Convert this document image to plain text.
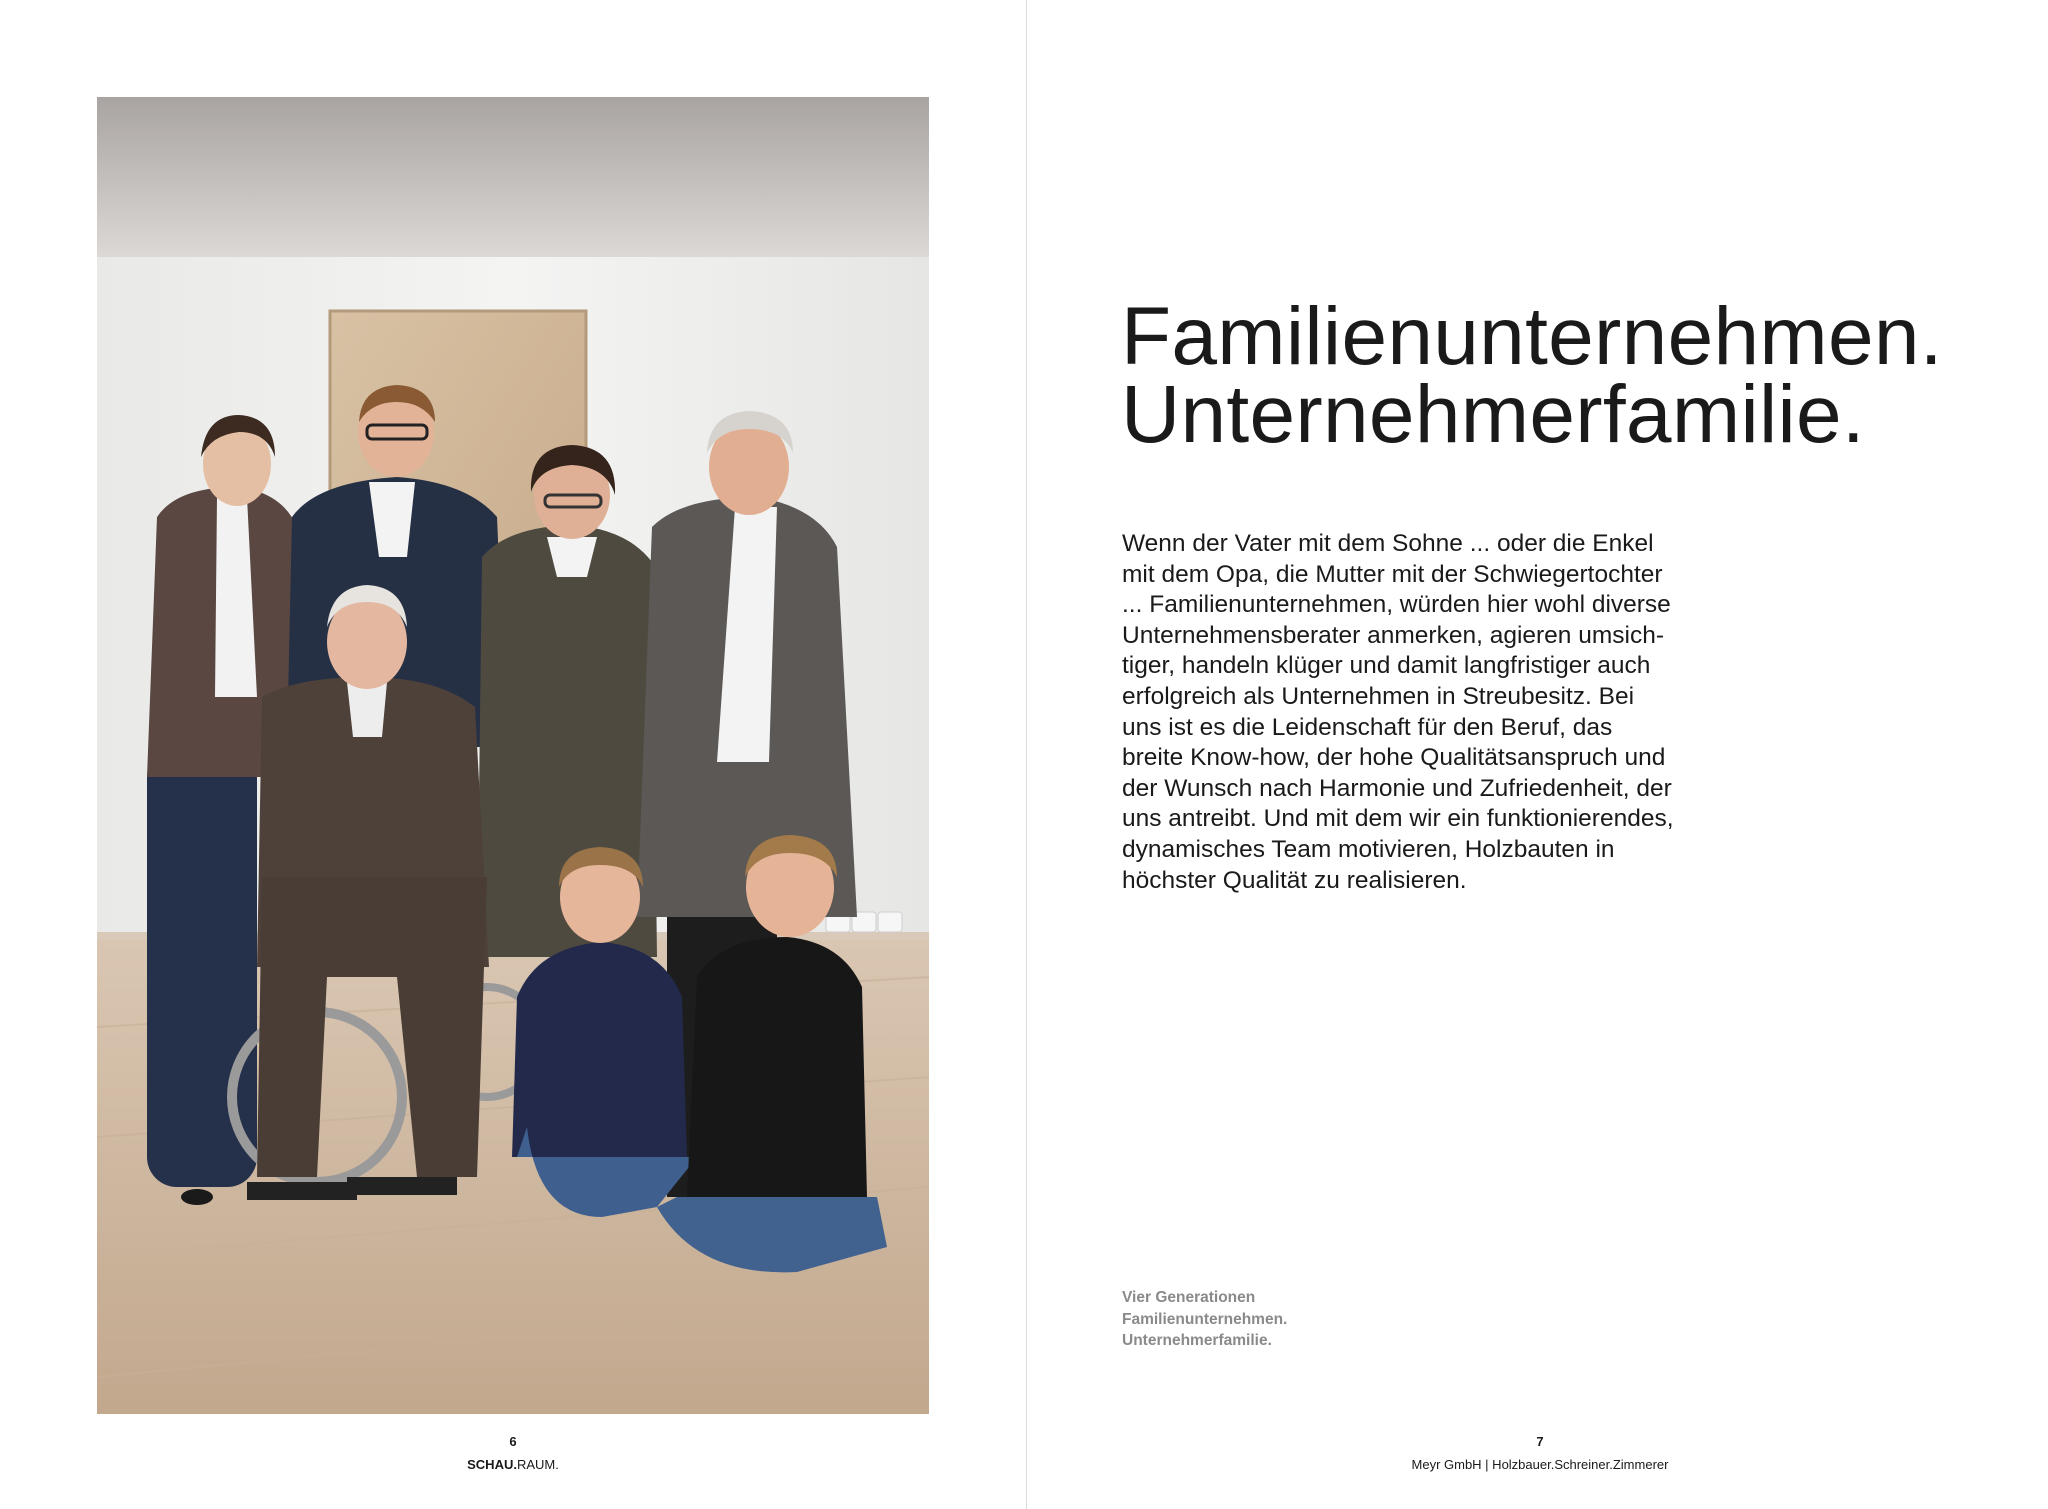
6
SCHAU.RAUM.
Familienunternehmen.
Unternehmerfamilie.

Wenn der Vater mit dem Sohne ... oder die Enkel
mit dem Opa, die Mutter mit der Schwiegertochter
... Familienunternehmen, würden hier wohl diverse
Unternehmensberater anmerken, agieren umsich-
tiger, handeln klüger und damit langfristiger auch
erfolgreich als Unternehmen in Streubesitz. Bei
uns ist es die Leidenschaft für den Beruf, das
breite Know-how, der hohe Qualitätsanspruch und
der Wunsch nach Harmonie und Zufriedenheit, der
uns antreibt. Und mit dem wir ein funktionierendes,
dynamisches Team motivieren, Holzbauten in
höchster Qualität zu realisieren.

Vier Generationen
Familienunternehmen.
Unternehmerfamilie.
7
Meyr GmbH | Holzbauer.Schreiner.Zimmerer
